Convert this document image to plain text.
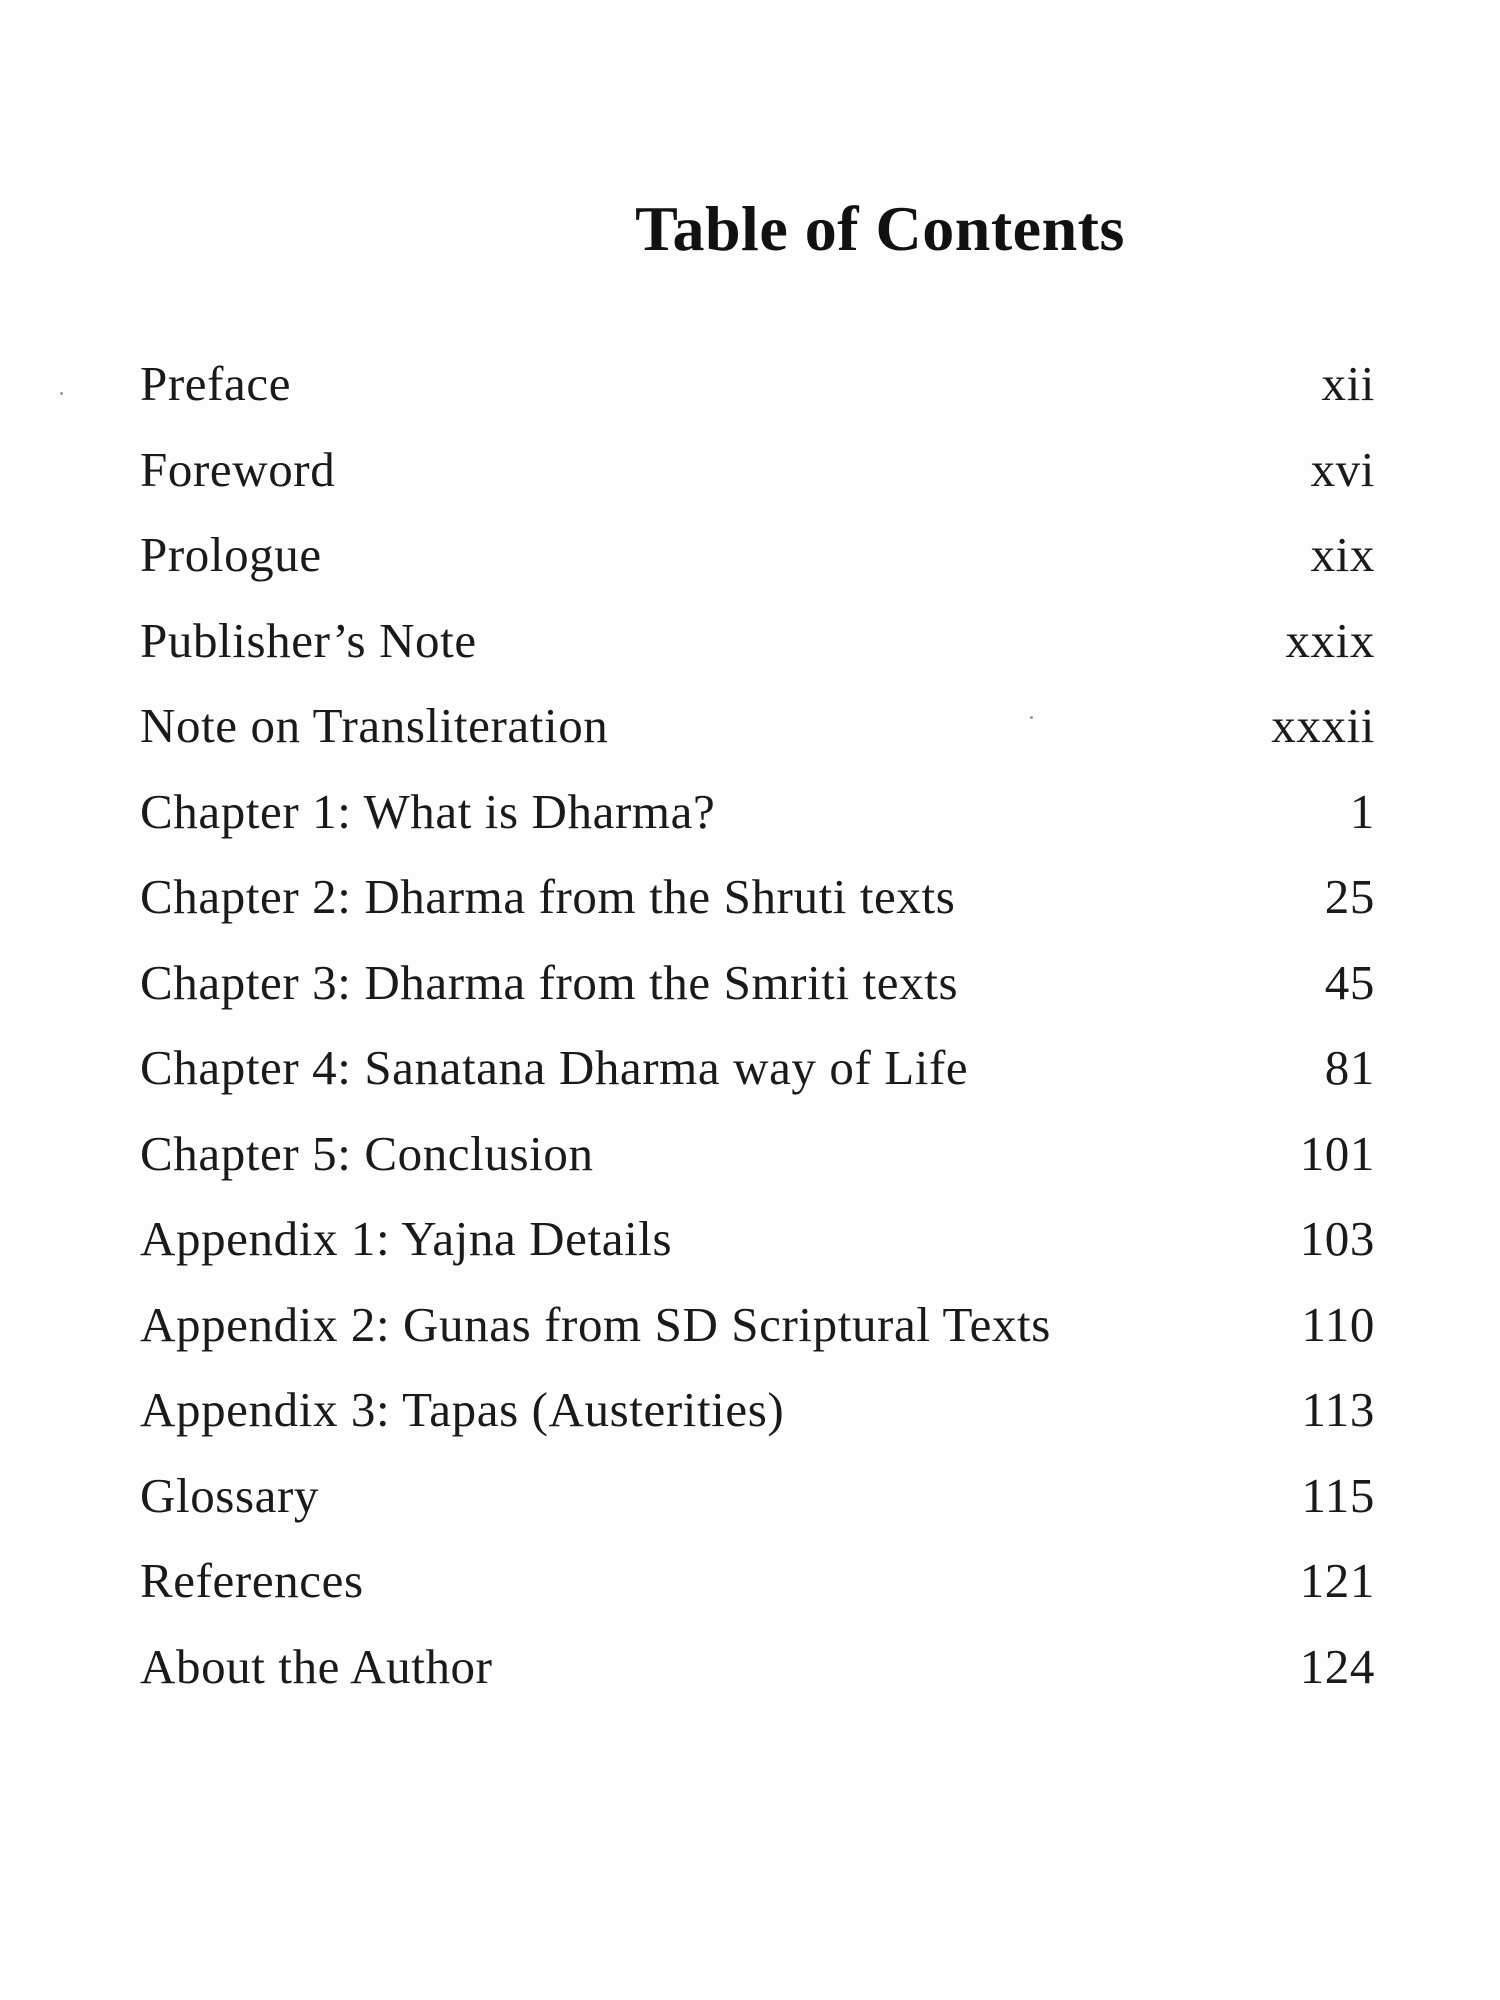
Table of Contents
Preface	xii
Foreword	xvi
Prologue	xix
Publisher’s Note	xxix
Note on Transliteration	xxxii
Chapter 1: What is Dharma?	1
Chapter 2: Dharma from the Shruti texts	25
Chapter 3: Dharma from the Smriti texts	45
Chapter 4: Sanatana Dharma way of Life	81
Chapter 5: Conclusion	101
Appendix 1: Yajna Details	103
Appendix 2: Gunas from SD Scriptural Texts	110
Appendix 3: Tapas (Austerities)	113
Glossary	115
References	121
About the Author	124
